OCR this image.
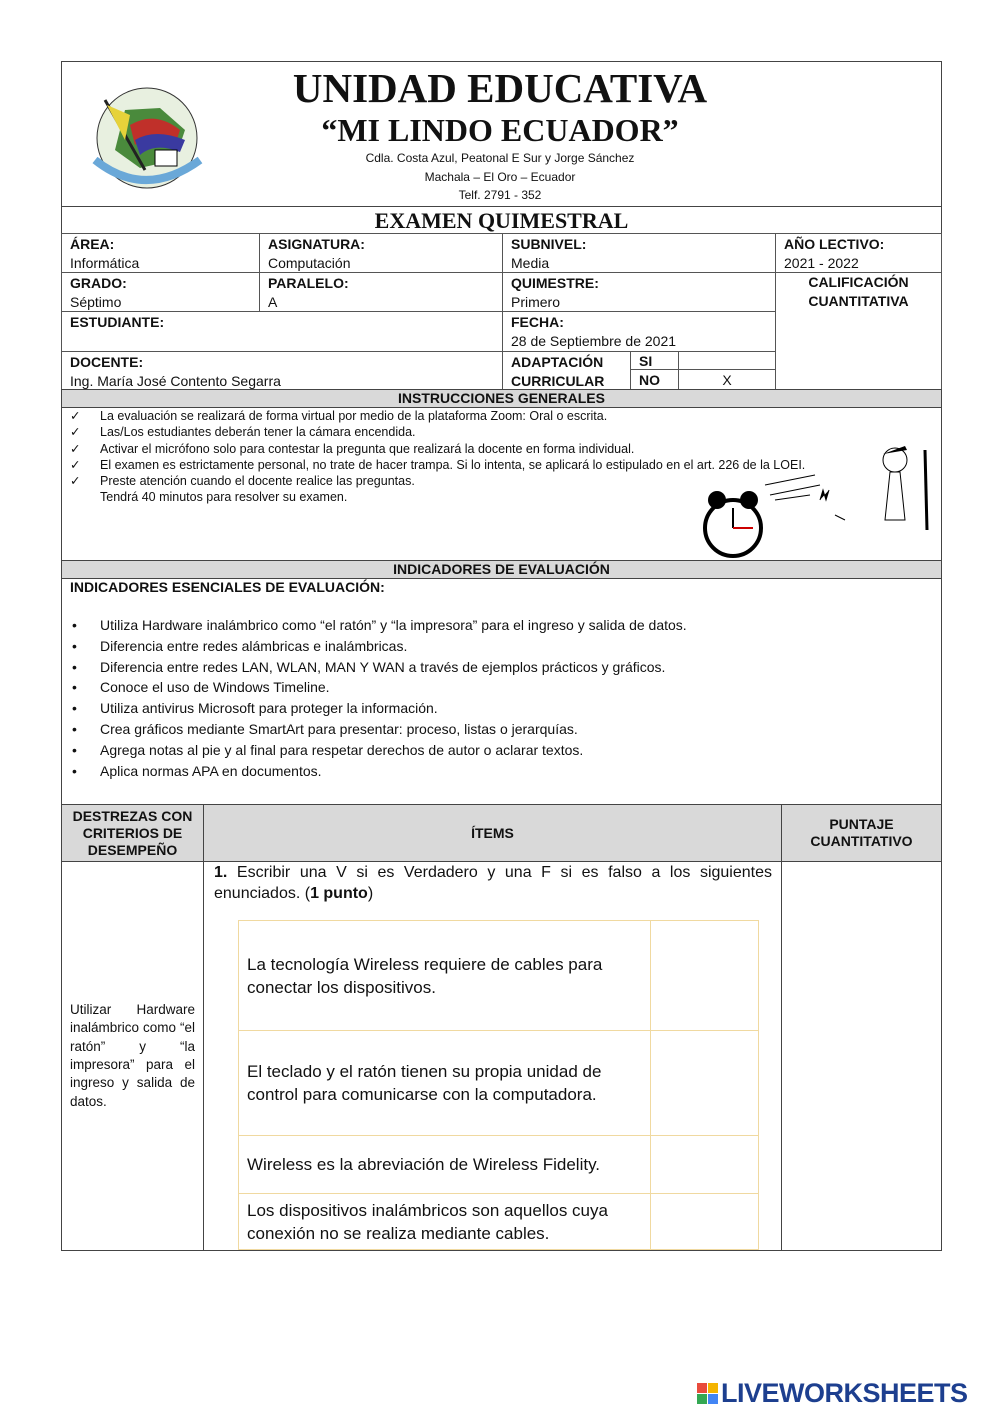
UNIDAD EDUCATIVA
“MI LINDO ECUADOR”
Cdla. Costa Azul, Peatonal E Sur y Jorge Sánchez
Machala – El Oro – Ecuador
Telf. 2791 - 352
EXAMEN QUIMESTRAL
ÁREA:
Informática
ASIGNATURA:
Computación
SUBNIVEL:
Media
AÑO LECTIVO:
2021 - 2022
GRADO:
Séptimo
PARALELO:
A
QUIMESTRE:
Primero
CALIFICACIÓN CUANTITATIVA
ESTUDIANTE:	FECHA:
28 de Septiembre de 2021
DOCENTE:
Ing. María José Contento Segarra
ADAPTACIÓN
CURRICULAR
SI
NO	X
INSTRUCCIONES GENERALES
✓ La evaluación se realizará de forma virtual por medio de la plataforma Zoom: Oral o escrita.
✓ Las/Los estudiantes deberán tener la cámara encendida.
✓ Activar el micrófono solo para contestar la pregunta que realizará la docente en forma individual.
✓ El examen es estrictamente personal, no trate de hacer trampa. Si lo intenta, se aplicará lo estipulado en el art. 226 de la LOEI.
✓ Preste atención cuando el docente realice las preguntas.
Tendrá 40 minutos para resolver su examen.
INDICADORES DE EVALUACIÓN
INDICADORES ESENCIALES DE EVALUACIÓN:
• Utiliza Hardware inalámbrico como “el ratón” y “la impresora” para el ingreso y salida de datos.
• Diferencia entre redes alámbricas e inalámbricas.
• Diferencia entre redes LAN, WLAN, MAN Y WAN a través de ejemplos prácticos y gráficos.
• Conoce el uso de Windows Timeline.
• Utiliza antivirus Microsoft para proteger la información.
• Crea gráficos mediante SmartArt para presentar: proceso, listas o jerarquías.
• Agrega notas al pie y al final para respetar derechos de autor o aclarar textos.
• Aplica normas APA en documentos.
DESTREZAS CON CRITERIOS DE DESEMPEÑO
ÍTEMS
PUNTAJE CUANTITATIVO
Utilizar Hardware inalámbrico como “el ratón” y “la impresora” para el ingreso y salida de datos.
1. Escribir una V si es Verdadero y una F si es falso a los siguientes enunciados. (1 punto)
La tecnología Wireless requiere de cables para conectar los dispositivos.
El teclado y el ratón tienen su propia unidad de control para comunicarse con la computadora.
Wireless es la abreviación de Wireless Fidelity.
Los dispositivos inalámbricos son aquellos cuya conexión no se realiza mediante cables.
LIVEWORKSHEETS
